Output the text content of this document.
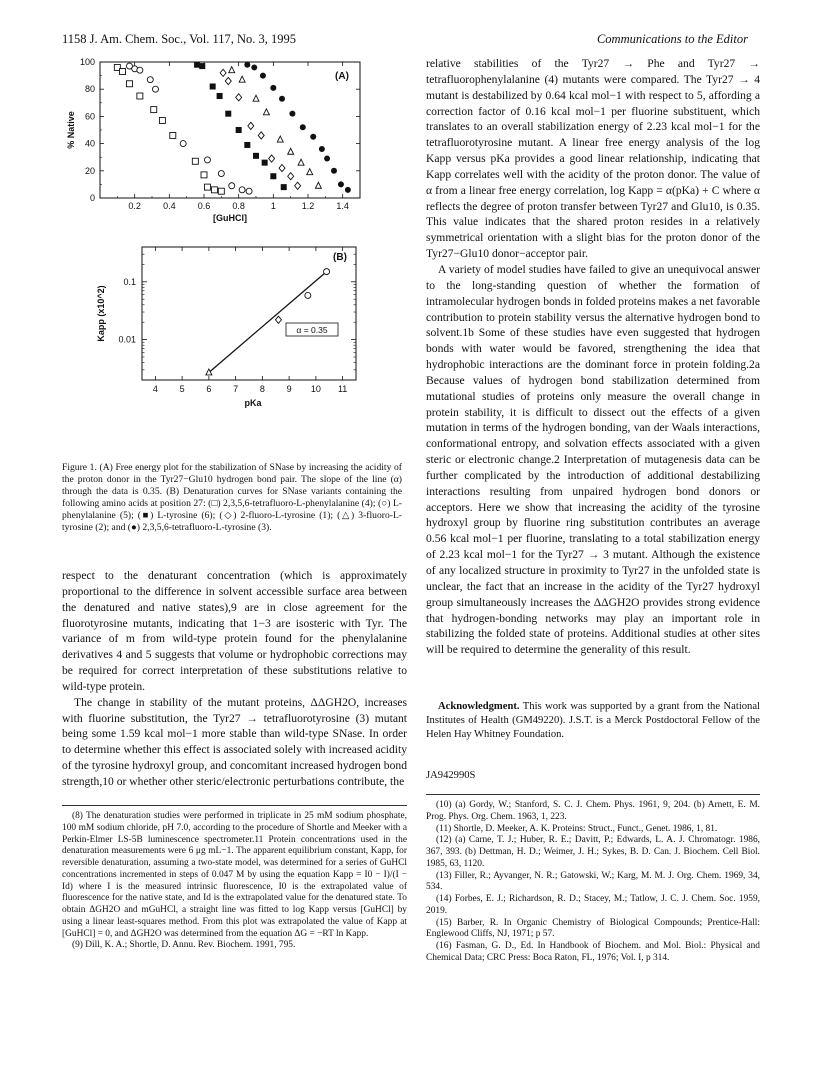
1158 J. Am. Chem. Soc., Vol. 117, No. 3, 1995	Communications to the Editor
0.2 0.4 0.6 0.8	1	1.2 1.4
0
20
40
60
80
100
[GuHCl]
% Native
(A)
4 5 6 7 8 9 10 11
0.01
0.1
pKa
Kapp (x10^2)
(B)
α = 0.35
Figure 1. (A) Free energy plot for the stabilization of SNase by increasing the acidity of the proton donor in the Tyr27−Glu10 hydrogen bond pair. The slope of the line (α) through the data is 0.35. (B) Denaturation curves for SNase variants containing the following amino acids at position 27: (□) 2,3,5,6-tetrafluoro-L-phenylalanine (4); (○) L-phenylalanine (5); (■) L-tyrosine (6); (◇) 2-fluoro-L-tyrosine (1); (△) 3-fluoro-L-tyrosine (2); and (●) 2,3,5,6-tetrafluoro-L-tyrosine (3).

respect to the denaturant concentration (which is approximately proportional to the difference in solvent accessible surface area between the denatured and native states),9 are in close agreement for the fluorotyrosine mutants, indicating that 1−3 are isosteric with Tyr. The variance of m from wild-type protein found for the phenylalanine derivatives 4 and 5 suggests that volume or hydrophobic corrections may be required for correct interpretation of these substitutions relative to wild-type protein.

The change in stability of the mutant proteins, ΔΔGH2O, increases with fluorine substitution, the Tyr27 → tetrafluorotyrosine (3) mutant being some 1.59 kcal mol−1 more stable than wild-type SNase. In order to determine whether this effect is associated solely with increased acidity of the tyrosine hydroxyl group, and concomitant increased hydrogen bond strength,10 or whether other steric/electronic perturbations contribute, the

(8) The denaturation studies were performed in triplicate in 25 mM sodium phosphate, 100 mM sodium chloride, pH 7.0, according to the procedure of Shortle and Meeker with a Perkin-Elmer LS-5B luminescence spectrometer.11 Protein concentrations used in the denaturation measurements were 6 μg mL−1. The apparent equilibrium constant, Kapp, for reversible denaturation, assuming a two-state model, was determined for a series of GuHCl concentrations incremented in steps of 0.047 M by using the equation Kapp = I0 − I)/(I − Id) where I is the measured intrinsic fluorescence, I0 is the extrapolated value of fluorescence for the native state, and Id is the extrapolated value for the denatured state. To obtain ΔGH2O and mGuHCl, a straight line was fitted to log Kapp versus [GuHCl] by using a linear least-squares method. From this plot was extrapolated the value of Kapp at [GuHCl] = 0, and ΔGH2O was determined from the equation ΔG = −RT ln Kapp.

(9) Dill, K. A.; Shortle, D. Annu. Rev. Biochem. 1991, 795.

relative stabilities of the Tyr27 → Phe and Tyr27 → tetrafluorophenylalanine (4) mutants were compared. The Tyr27 → 4 mutant is destabilized by 0.64 kcal mol−1 with respect to 5, affording a correction factor of 0.16 kcal mol−1 per fluorine substituent, which translates to an overall stabilization energy of 2.23 kcal mol−1 for the tetrafluorotyrosine mutant. A linear free energy analysis of the log Kapp versus pKa provides a good linear relationship, indicating that Kapp correlates well with the acidity of the proton donor. The value of α from a linear free energy correlation, log Kapp = α(pKa) + C where α reflects the degree of proton transfer between Tyr27 and Glu10, is 0.35. This value indicates that the shared proton resides in a relatively symmetrical orientation with a slight bias for the proton donor of the Tyr27−Glu10 donor−acceptor pair.

A variety of model studies have failed to give an unequivocal answer to the long-standing question of whether the formation of intramolecular hydrogen bonds in folded proteins makes a net favorable contribution to protein stability versus the alternative hydrogen bond to solvent.1b Some of these studies have even suggested that hydrogen bonds with water would be favored, strengthening the idea that hydrophobic interactions are the dominant force in protein folding.2a Because values of hydrogen bond stabilization determined from mutational studies of proteins only measure the overall change in protein stability, it is difficult to dissect out the effects of a given mutation in terms of the hydrogen bonding, van der Waals interactions, conformational entropy, and solvation effects associated with a given steric or electronic change.2 Interpretation of mutagenesis data can be further complicated by the introduction of additional destabilizing interactions resulting from unpaired hydrogen bond donors or acceptors. Here we show that increasing the acidity of the tyrosine hydroxyl group by fluorine ring substitution contributes an average 0.56 kcal mol−1 per fluorine, translating to a total stabilization energy of 2.23 kcal mol−1 for the Tyr27 → 3 mutant. Although the existence of any localized structure in proximity to Tyr27 in the unfolded state is unclear, the fact that an increase in the acidity of the Tyr27 hydroxyl group simultaneously increases the ΔΔGH2O provides strong evidence that hydrogen-bonding networks may play an important role in stabilizing the folded state of proteins. Additional studies at other sites will be required to determine the generality of this result.

Acknowledgment. This work was supported by a grant from the National Institutes of Health (GM49220). J.S.T. is a Merck Postdoctoral Fellow of the Helen Hay Whitney Foundation.

JA942990S

(10) (a) Gordy, W.; Stanford, S. C. J. Chem. Phys. 1961, 9, 204. (b) Arnett, E. M. Prog. Phys. Org. Chem. 1963, 1, 223.

(11) Shortle, D. Meeker, A. K. Proteins: Struct., Funct., Genet. 1986, 1, 81.

(12) (a) Carne, T. J.; Huber, R. E.; Davitt, P.; Edwards, L. A. J. Chromatogr. 1986, 367, 393. (b) Dettman, H. D.; Weimer, J. H.; Sykes, B. D. Can. J. Biochem. Cell Biol. 1985, 63, 1120.

(13) Filler, R.; Ayvanger, N. R.; Gatowski, W.; Karg, M. M. J. Org. Chem. 1969, 34, 534.

(14) Forbes, E. J.; Richardson, R. D.; Stacey, M.; Tatlow, J. C. J. Chem. Soc. 1959, 2019.

(15) Barber, R. In Organic Chemistry of Biological Compounds; Prentice-Hall: Englewood Cliffs, NJ, 1971; p 57.

(16) Fasman, G. D., Ed. In Handbook of Biochem. and Mol. Biol.: Physical and Chemical Data; CRC Press: Boca Raton, FL, 1976; Vol. I, p 314.
